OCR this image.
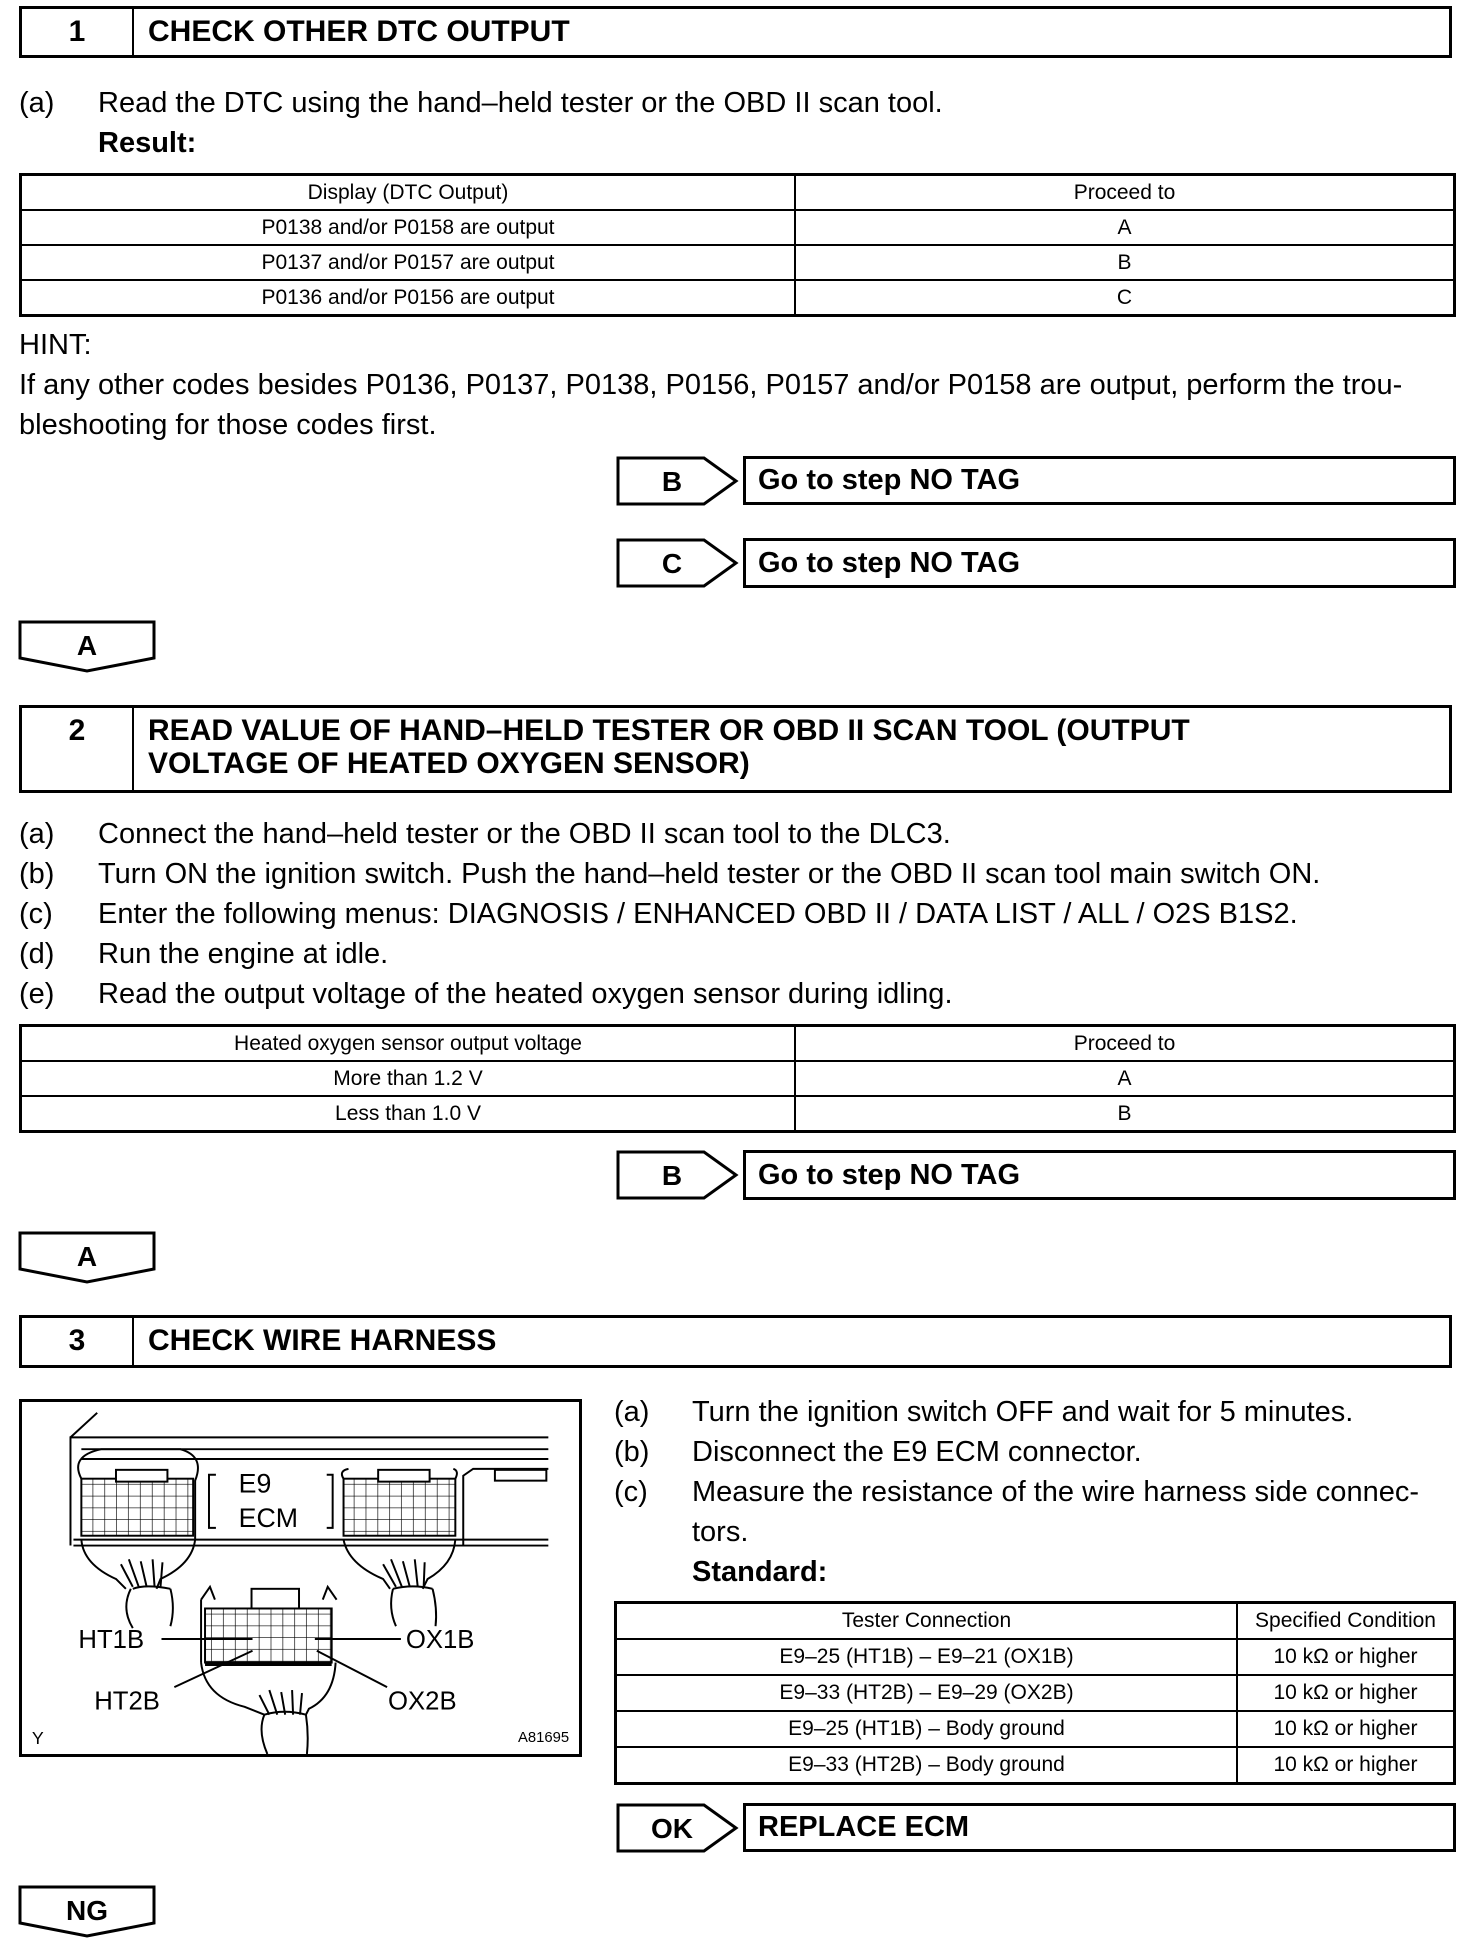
1	CHECK OTHER DTC OUTPUT
(a) Read the DTC using the hand–held tester or the OBD II scan tool.
Result:
Display (DTC Output)	Proceed to
P0138 and/or P0158 are output	A
P0137 and/or P0157 are output	B
P0136 and/or P0156 are output	C
HINT:
If any other codes besides P0136, P0137, P0138, P0156, P0157 and/or P0158 are output, perform the trou-
bleshooting for those codes first.
B	Go to step NO TAG
C	Go to step NO TAG
A
2	READ VALUE OF HAND–HELD TESTER OR OBD II SCAN TOOL (OUTPUT
VOLTAGE OF HEATED OXYGEN SENSOR)
(a) Connect the hand–held tester or the OBD II scan tool to the DLC3.
(b) Turn ON the ignition switch. Push the hand–held tester or the OBD II scan tool main switch ON.
(c) Enter the following menus: DIAGNOSIS / ENHANCED OBD II / DATA LIST / ALL / O2S B1S2.
(d) Run the engine at idle.
(e) Read the output voltage of the heated oxygen sensor during idling.
Heated oxygen sensor output voltage	Proceed to
More than 1.2 V	A
Less than 1.0 V	B
B	Go to step NO TAG
A
3	CHECK WIRE HARNESS
E9
ECM
HT1B	OX1B
HT2B	OX2B
Y	A81695
(a) Turn the ignition switch OFF and wait for 5 minutes.
(b) Disconnect the E9 ECM connector.
(c) Measure the resistance of the wire harness side connec-
tors.
Standard:
Tester Connection	Specified Condition
E9–25 (HT1B) – E9–21 (OX1B)	10 kΩ or higher
E9–33 (HT2B) – E9–29 (OX2B)	10 kΩ or higher
E9–25 (HT1B) – Body ground	10 kΩ or higher
E9–33 (HT2B) – Body ground	10 kΩ or higher
OK	REPLACE ECM
NG
